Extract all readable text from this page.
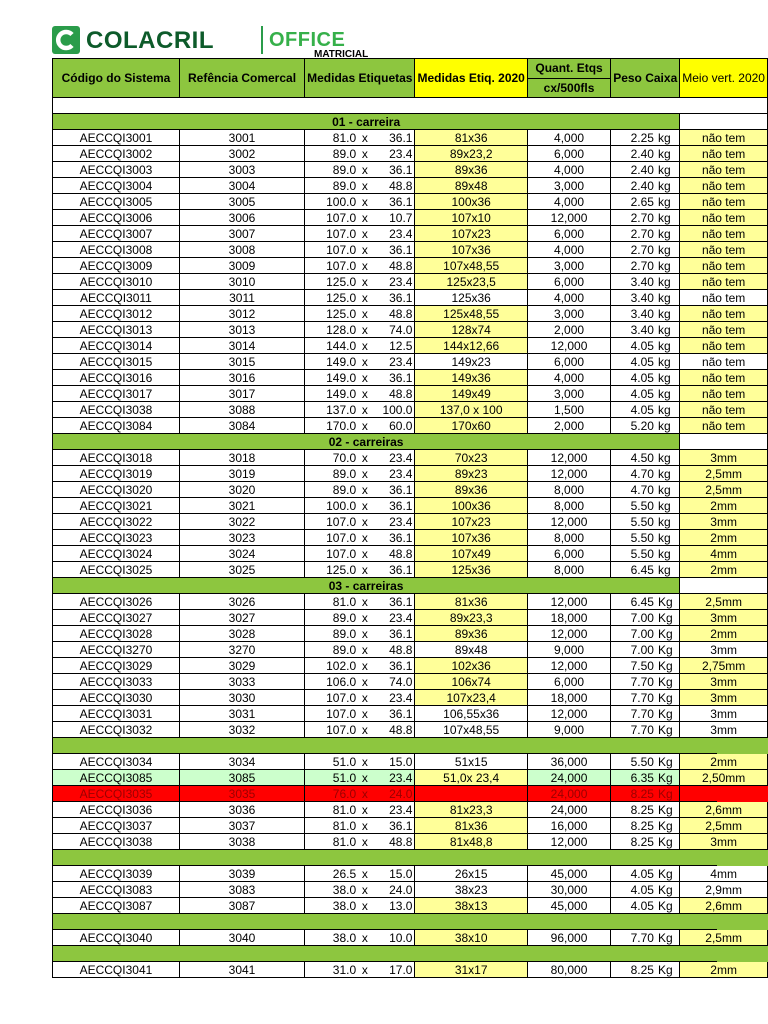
COLACRIL	OFFICE
MATRICIAL
Código do Sistema	Refência Comercal	Medidas Etiquetas			Medidas Etiq. 2020	Quant. Etqs
cx/500fls	Peso Caixa		Meio vert. 2020

01 - carreira									
AECCQI3001	3001	81.0	x	36.1	81x36	4,000	2.25	kg	não tem
AECCQI3002	3002	89.0	x	23.4	89x23,2	6,000	2.40	kg	não tem
AECCQI3003	3003	89.0	x	36.1	89x36	4,000	2.40	kg	não tem
AECCQI3004	3004	89.0	x	48.8	89x48	3,000	2.40	kg	não tem
AECCQI3005	3005	100.0	x	36.1	100x36	4,000	2.65	kg	não tem
AECCQI3006	3006	107.0	x	10.7	107x10	12,000	2.70	kg	não tem
AECCQI3007	3007	107.0	x	23.4	107x23	6,000	2.70	kg	não tem
AECCQI3008	3008	107.0	x	36.1	107x36	4,000	2.70	kg	não tem
AECCQI3009	3009	107.0	x	48.8	107x48,55	3,000	2.70	kg	não tem
AECCQI3010	3010	125.0	x	23.4	125x23,5	6,000	3.40	kg	não tem
AECCQI3011	3011	125.0	x	36.1	125x36	4,000	3.40	kg	não tem
AECCQI3012	3012	125.0	x	48.8	125x48,55	3,000	3.40	kg	não tem
AECCQI3013	3013	128.0	x	74.0	128x74	2,000	3.40	kg	não tem
AECCQI3014	3014	144.0	x	12.5	144x12,66	12,000	4.05	kg	não tem
AECCQI3015	3015	149.0	x	23.4	149x23	6,000	4.05	kg	não tem
AECCQI3016	3016	149.0	x	36.1	149x36	4,000	4.05	kg	não tem
AECCQI3017	3017	149.0	x	48.8	149x49	3,000	4.05	kg	não tem
AECCQI3038	3088	137.0	x	100.0	137,0 x 100	1,500	4.05	kg	não tem
AECCQI3084	3084	170.0	x	60.0	170x60	2,000	5.20	kg	não tem
02 - carreiras									
AECCQI3018	3018	70.0	x	23.4	70x23	12,000	4.50	kg	3mm
AECCQI3019	3019	89.0	x	23.4	89x23	12,000	4.70	kg	2,5mm
AECCQI3020	3020	89.0	x	36.1	89x36	8,000	4.70	kg	2,5mm
AECCQI3021	3021	100.0	x	36.1	100x36	8,000	5.50	kg	2mm
AECCQI3022	3022	107.0	x	23.4	107x23	12,000	5.50	kg	3mm
AECCQI3023	3023	107.0	x	36.1	107x36	8,000	5.50	kg	2mm
AECCQI3024	3024	107.0	x	48.8	107x49	6,000	5.50	kg	4mm
AECCQI3025	3025	125.0	x	36.1	125x36	8,000	6.45	kg	2mm
03 - carreiras									
AECCQI3026	3026	81.0	x	36.1	81x36	12,000	6.45	Kg	2,5mm
AECCQI3027	3027	89.0	x	23.4	89x23,3	18,000	7.00	Kg	3mm
AECCQI3028	3028	89.0	x	36.1	89x36	12,000	7.00	Kg	2mm
AECCQI3270	3270	89.0	x	48.8	89x48	9,000	7.00	Kg	3mm
AECCQI3029	3029	102.0	x	36.1	102x36	12,000	7.50	Kg	2,75mm
AECCQI3033	3033	106.0	x	74.0	106x74	6,000	7.70	Kg	3mm
AECCQI3030	3030	107.0	x	23.4	107x23,4	18,000	7.70	Kg	3mm
AECCQI3031	3031	107.0	x	36.1	106,55x36	12,000	7.70	Kg	3mm
AECCQI3032	3032	107.0	x	48.8	107x48,55	9,000	7.70	Kg	3mm

AECCQI3034	3034	51.0	x	15.0	51x15	36,000	5.50	Kg	2mm
AECCQI3085	3085	51.0	x	23.4	51,0x 23,4	24,000	6.35	Kg	2,50mm
AECCQI3035	3035	76.0	x	24.0		24,000	8.25	Kg	
AECCQI3036	3036	81.0	x	23.4	81x23,3	24,000	8.25	Kg	2,6mm
AECCQI3037	3037	81.0	x	36.1	81x36	16,000	8.25	Kg	2,5mm
AECCQI3038	3038	81.0	x	48.8	81x48,8	12,000	8.25	Kg	3mm

AECCQI3039	3039	26.5	x	15.0	26x15	45,000	4.05	Kg	4mm
AECCQI3083	3083	38.0	x	24.0	38x23	30,000	4.05	Kg	2,9mm
AECCQI3087	3087	38.0	x	13.0	38x13	45,000	4.05	Kg	2,6mm

AECCQI3040	3040	38.0	x	10.0	38x10	96,000	7.70	Kg	2,5mm

AECCQI3041	3041	31.0	x	17.0	31x17	80,000	8.25	Kg	2mm
